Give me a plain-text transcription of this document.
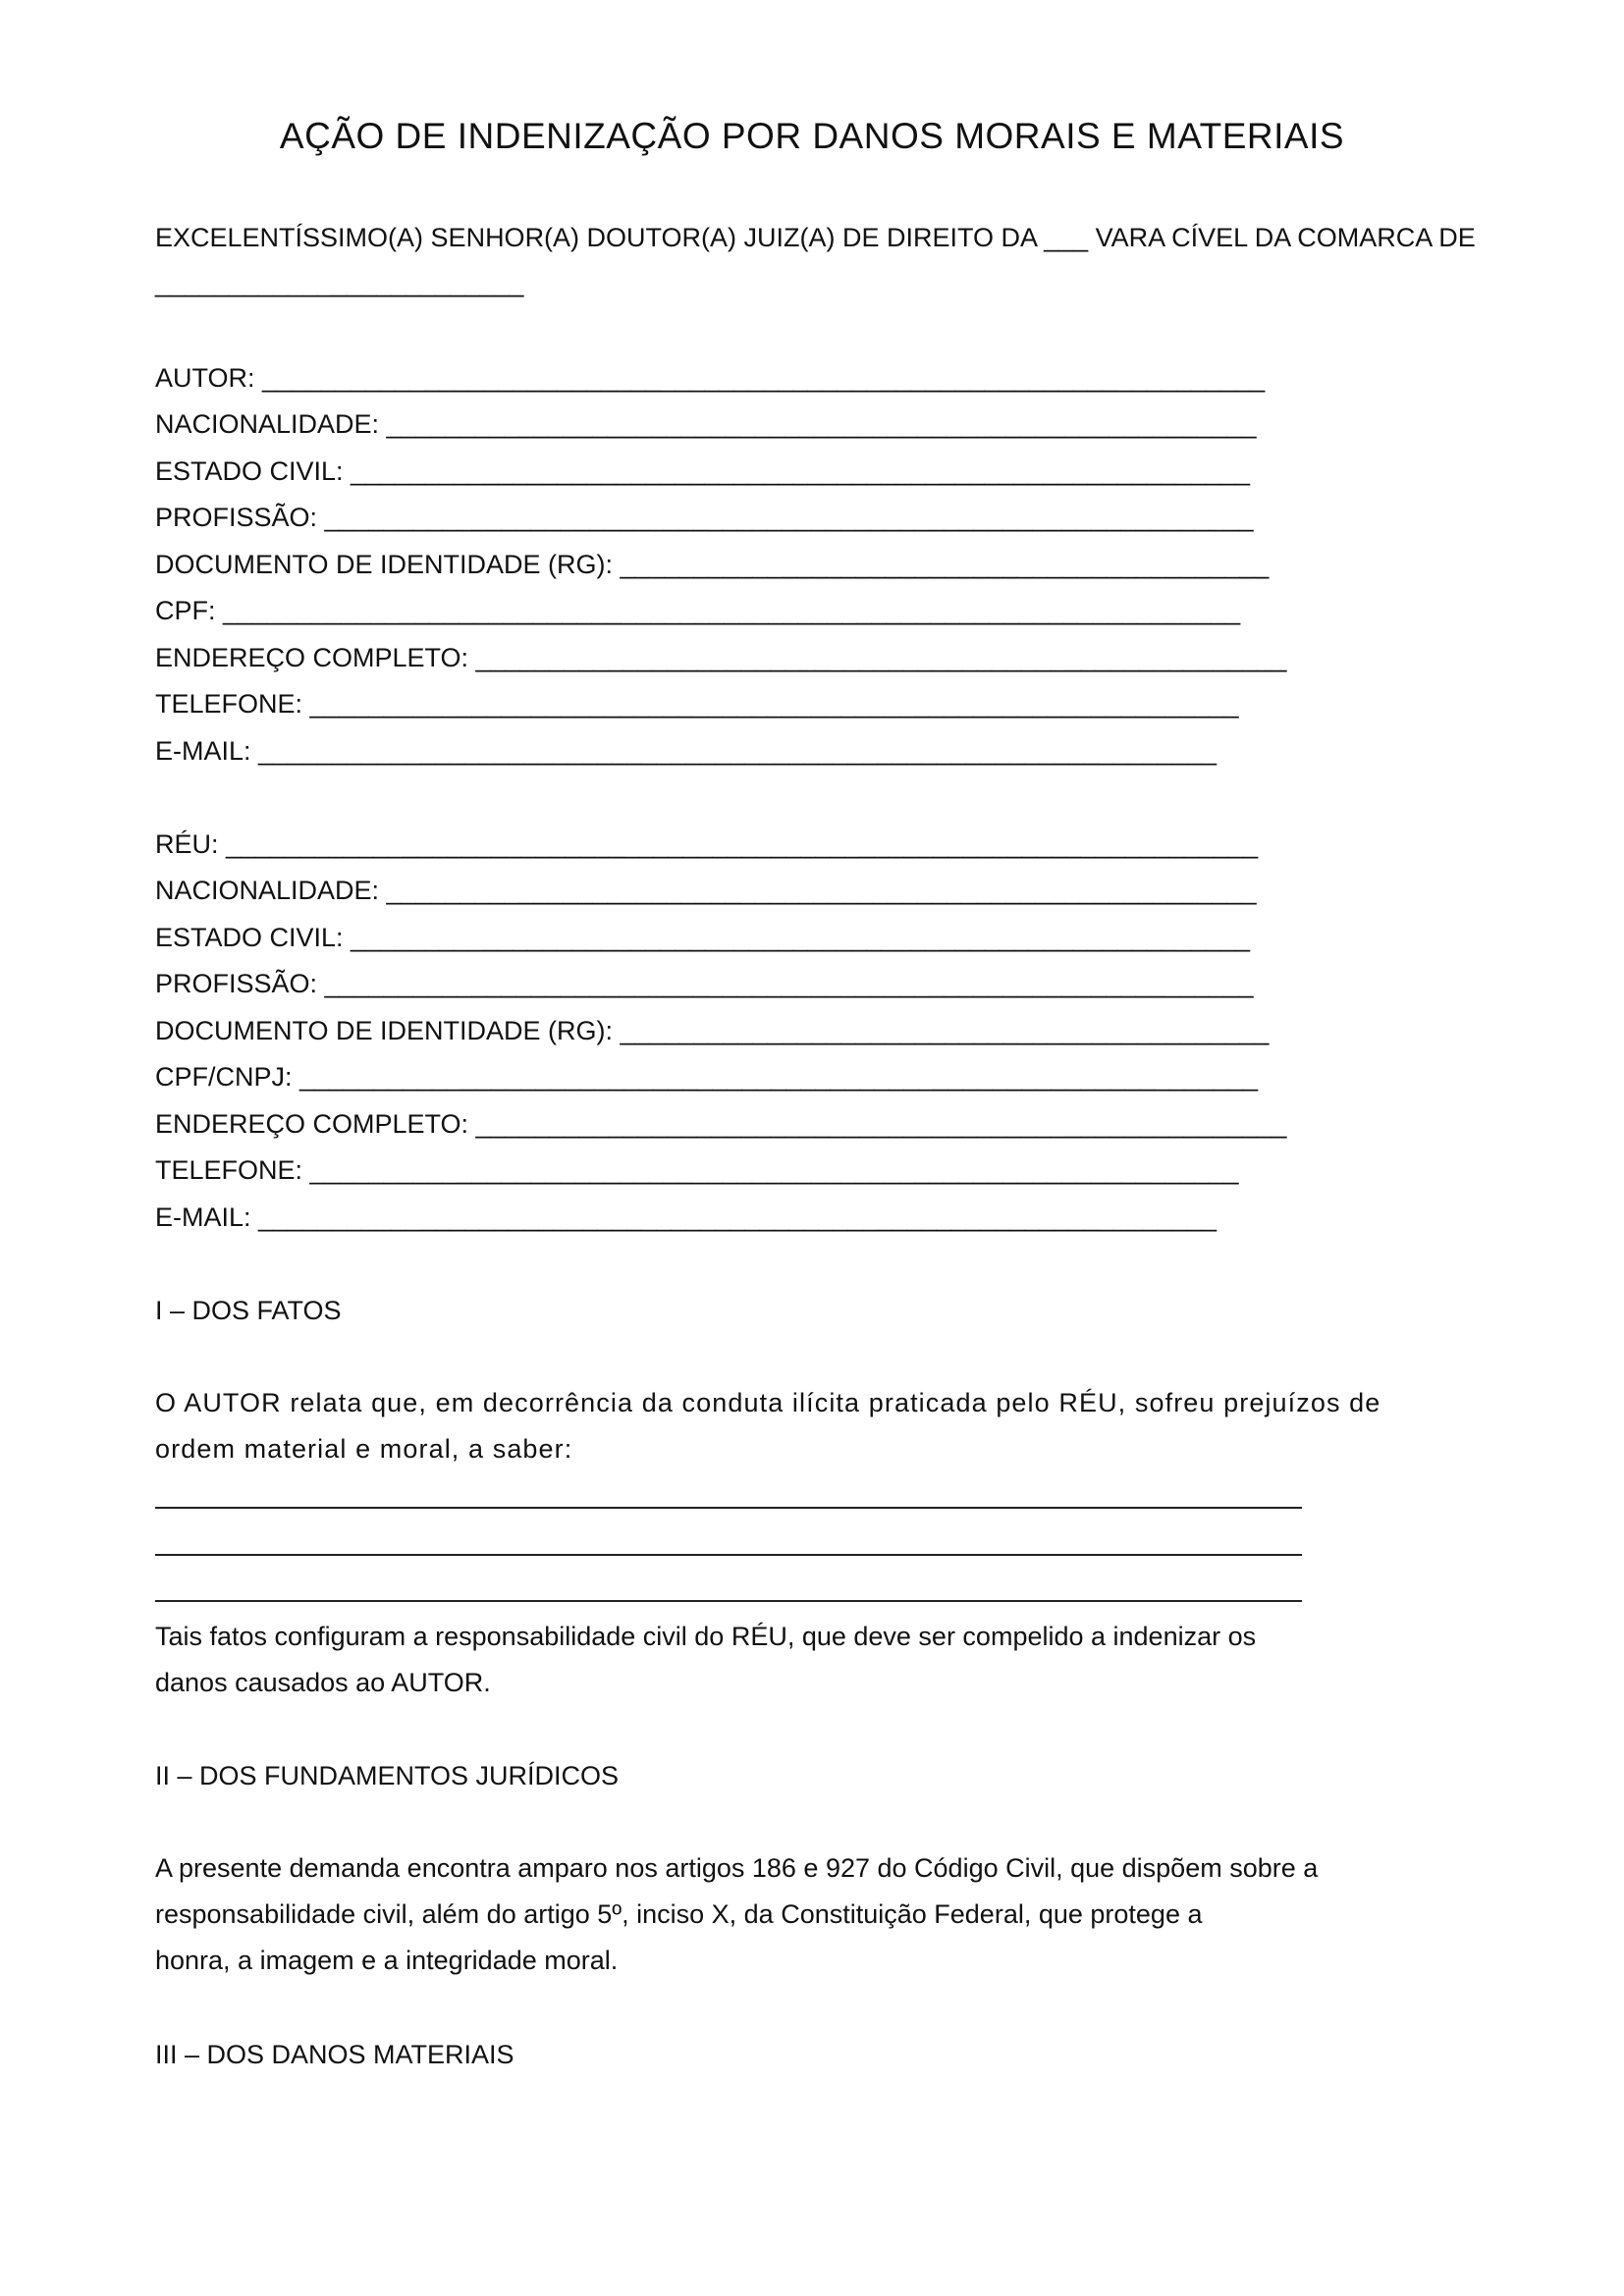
AÇÃO DE INDENIZAÇÃO POR DANOS MORAIS E MATERIAIS
EXCELENTÍSSIMO(A) SENHOR(A) DOUTOR(A) JUIZ(A) DE DIREITO DA ___ VARA CÍVEL DA COMARCA DE
_________________________
AUTOR: ____________________________________________________________________
NACIONALIDADE: ___________________________________________________________
ESTADO CIVIL: _____________________________________________________________
PROFISSÃO: _______________________________________________________________
DOCUMENTO DE IDENTIDADE (RG): ____________________________________________
CPF: _____________________________________________________________________
ENDEREÇO COMPLETO: _______________________________________________________
TELEFONE: _______________________________________________________________
E-MAIL: _________________________________________________________________
RÉU: ______________________________________________________________________
NACIONALIDADE: ___________________________________________________________
ESTADO CIVIL: _____________________________________________________________
PROFISSÃO: _______________________________________________________________
DOCUMENTO DE IDENTIDADE (RG): ____________________________________________
CPF/CNPJ: _________________________________________________________________
ENDEREÇO COMPLETO: _______________________________________________________
TELEFONE: _______________________________________________________________
E-MAIL: _________________________________________________________________
I – DOS FATOS

O AUTOR relata que, em decorrência da conduta ilícita praticada pelo RÉU, sofreu prejuízos de

ordem material e moral, a saber:

Tais fatos configuram a responsabilidade civil do RÉU, que deve ser compelido a indenizar os

danos causados ao AUTOR.

II – DOS FUNDAMENTOS JURÍDICOS

A presente demanda encontra amparo nos artigos 186 e 927 do Código Civil, que dispõem sobre a

responsabilidade civil, além do artigo 5º, inciso X, da Constituição Federal, que protege a

honra, a imagem e a integridade moral.

III – DOS DANOS MATERIAIS
